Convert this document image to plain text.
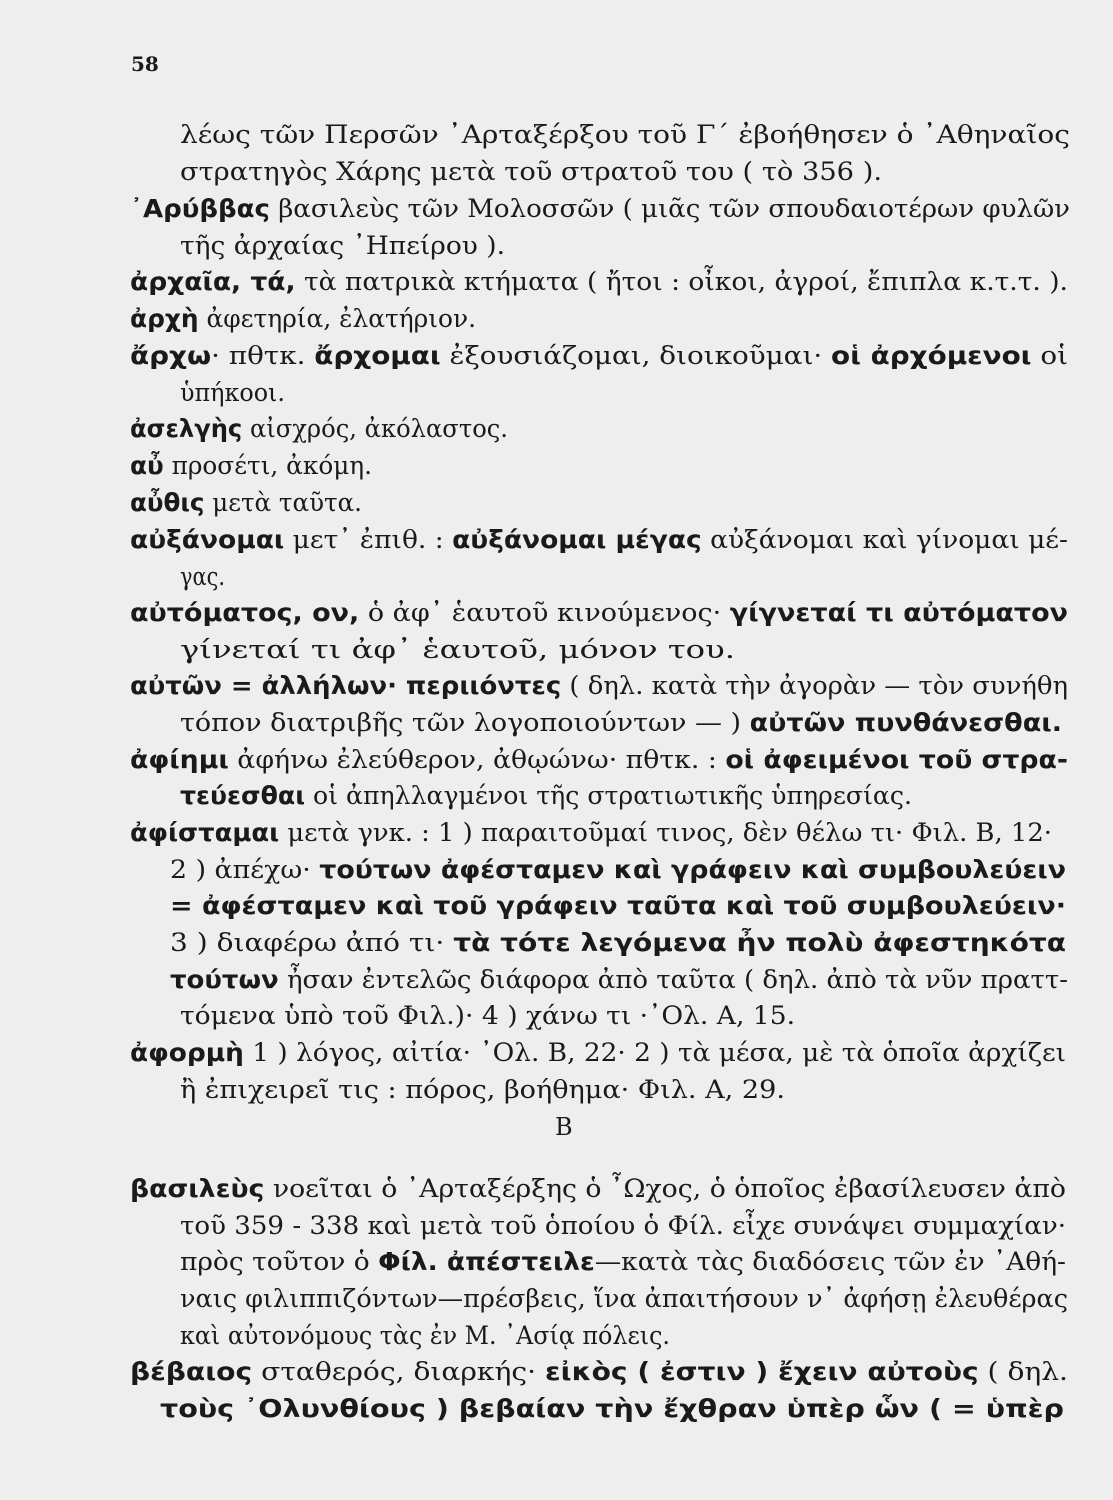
58
λέως τῶν Περσῶν ᾿Αρταξέρξου τοῦ Γ΄ ἐβοήθησεν ὁ ᾿Αθηναῖος
στρατηγὸς Χάρης μετὰ τοῦ στρατοῦ του ( τὸ 356 ).
᾿Αρύββας βασιλεὺς τῶν Μολοσσῶν ( μιᾶς τῶν σπουδαιοτέρων φυλῶν
τῆς ἀρχαίας ᾿Ηπείρου ).
ἀρχαῖα, τά, τὰ πατρικὰ κτήματα ( ἤτοι : οἶκοι, ἀγροί, ἔπιπλα κ.τ.τ. ).
ἀρχὴ ἀφετηρία, ἐλατήριον.
ἄρχω· πθτκ. ἄρχομαι ἐξουσιάζομαι, διοικοῦμαι· οἱ ἀρχόμενοι οἱ
ὑπήκοοι.
ἀσελγὴς αἰσχρός, ἀκόλαστος.
αὖ προσέτι, ἀκόμη.
αὖθις μετὰ ταῦτα.
αὐξάνομαι μετ᾽ ἐπιθ. : αὐξάνομαι μέγας αὐξάνομαι καὶ γίνομαι μέ-
γας.
αὐτόματος, ον, ὁ ἀφ᾽ ἑαυτοῦ κινούμενος· γίγνεταί τι αὐτόματον
γίνεταί τι ἀφ᾽ ἑαυτοῦ, μόνον του.
αὐτῶν = ἀλλήλων· περιιόντες ( δηλ. κατὰ τὴν ἀγορὰν — τὸν συνήθη
τόπον διατριβῆς τῶν λογοποιούντων — ) αὐτῶν πυνθάνεσθαι.
ἀφίημι ἀφήνω ἐλεύθερον, ἀθῳώνω· πθτκ. : οἱ ἀφειμένοι τοῦ στρα-
τεύεσθαι οἱ ἀπηλλαγμένοι τῆς στρατιωτικῆς ὑπηρεσίας.
ἀφίσταμαι μετὰ γνκ. : 1 ) παραιτοῦμαί τινος, δὲν θέλω τι· Φιλ. Β, 12·
2 ) ἀπέχω· τούτων ἀφέσταμεν καὶ γράφειν καὶ συμβουλεύειν
= ἀφέσταμεν καὶ τοῦ γράφειν ταῦτα καὶ τοῦ συμβουλεύειν·
3 ) διαφέρω ἀπό τι· τὰ τότε λεγόμενα ἦν πολὺ ἀφεστηκότα
τούτων ἦσαν ἐντελῶς διάφορα ἀπὸ ταῦτα ( δηλ. ἀπὸ τὰ νῦν πραττ-
τόμενα ὑπὸ τοῦ Φιλ.)· 4 ) χάνω τι ·᾿Ολ. Α, 15.
ἀφορμὴ 1 ) λόγος, αἰτία· ᾿Ολ. Β, 22· 2 ) τὰ μέσα, μὲ τὰ ὁποῖα ἀρχίζει
ἢ ἐπιχειρεῖ τις : πόρος, βοήθημα· Φιλ. Α, 29.
βασιλεὺς νοεῖται ὁ ᾿Αρταξέρξης ὁ ῏Ωχος, ὁ ὁποῖος ἐβασίλευσεν ἀπὸ
τοῦ 359 - 338 καὶ μετὰ τοῦ ὁποίου ὁ Φίλ. εἶχε συνάψει συμμαχίαν·
πρὸς τοῦτον ὁ Φίλ. ἀπέστειλε—κατὰ τὰς διαδόσεις τῶν ἐν ᾿Αθή-
ναις φιλιππιζόντων—πρέσβεις, ἵνα ἀπαιτήσουν ν᾽ ἀφήσῃ ἐλευθέρας
καὶ αὐτονόμους τὰς ἐν Μ. ᾿Ασίᾳ πόλεις.
βέβαιος σταθερός, διαρκής· εἰκὸς ( ἐστιν ) ἔχειν αὐτοὺς ( δηλ.
τοὺς ᾿Ολυνθίους ) βεβαίαν τὴν ἔχθραν ὑπὲρ ὧν ( = ὑπὲρ
Β
